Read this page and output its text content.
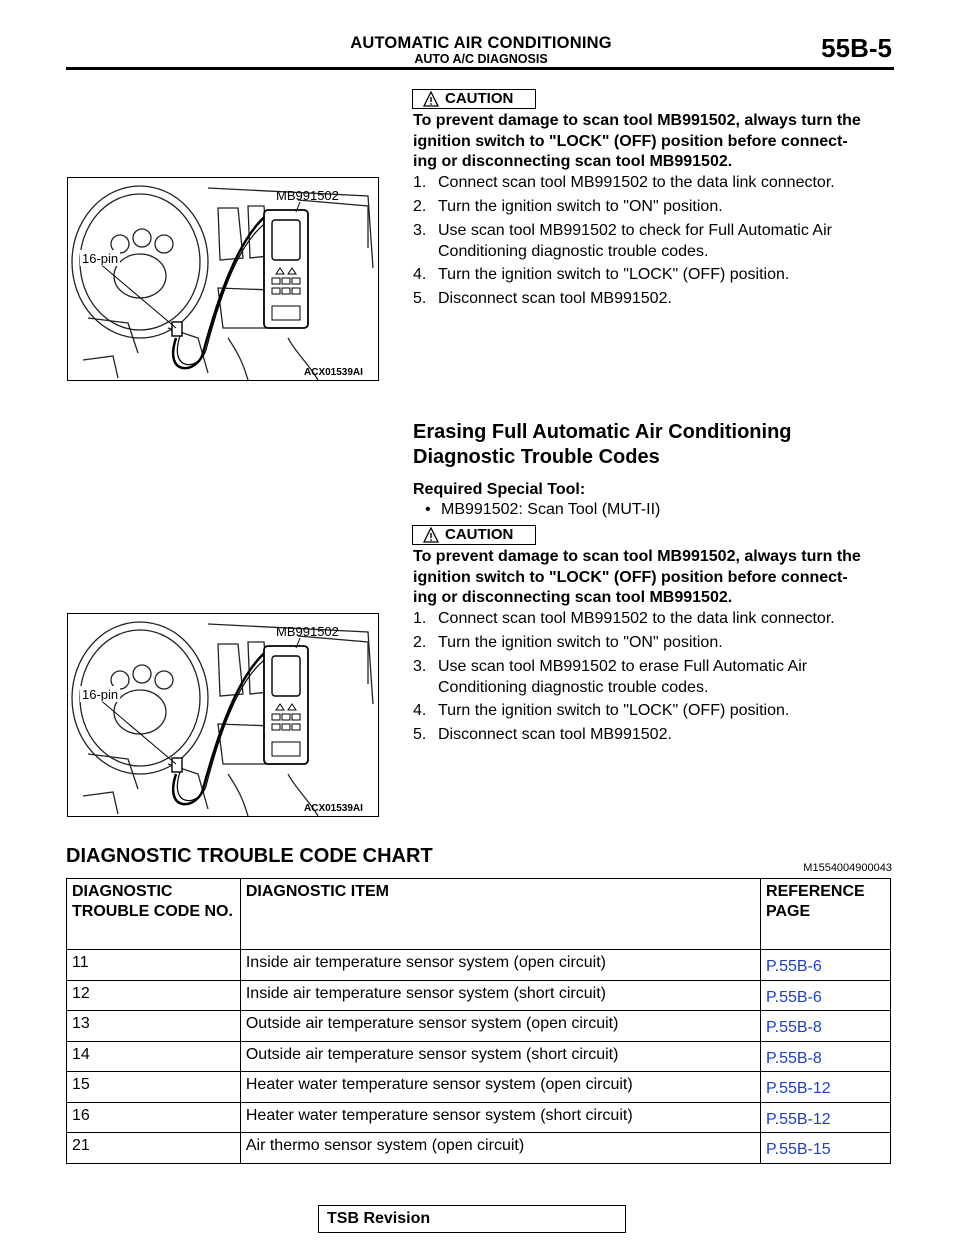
AUTOMATIC AIR CONDITIONING
AUTO A/C DIAGNOSIS	55B-5
CAUTION
To prevent damage to scan tool MB991502, always turn the
ignition switch to "LOCK" (OFF) position before connect-
ing or disconnecting scan tool MB991502.
1. Connect scan tool MB991502 to the data link connector.
2. Turn the ignition switch to "ON" position.
3. Use scan tool MB991502 to check for Full Automatic Air Conditioning diagnostic trouble codes.
4. Turn the ignition switch to "LOCK" (OFF) position.
5. Disconnect scan tool MB991502.
MB991502
16-pin
ACX01539AI
Erasing Full Automatic Air Conditioning
Diagnostic Trouble Codes
Required Special Tool:
• MB991502: Scan Tool (MUT-II)
CAUTION
To prevent damage to scan tool MB991502, always turn the
ignition switch to "LOCK" (OFF) position before connect-
ing or disconnecting scan tool MB991502.
1. Connect scan tool MB991502 to the data link connector.
2. Turn the ignition switch to "ON" position.
3. Use scan tool MB991502 to erase Full Automatic Air Conditioning diagnostic trouble codes.
4. Turn the ignition switch to "LOCK" (OFF) position.
5. Disconnect scan tool MB991502.
MB991502
16-pin
ACX01539AI
DIAGNOSTIC TROUBLE CODE CHART
M1554004900043
DIAGNOSTIC TROUBLE CODE NO.	DIAGNOSTIC ITEM	REFERENCE PAGE
11	Inside air temperature sensor system (open circuit)	P.55B-6
12	Inside air temperature sensor system (short circuit)	P.55B-6
13	Outside air temperature sensor system (open circuit)	P.55B-8
14	Outside air temperature sensor system (short circuit)	P.55B-8
15	Heater water temperature sensor system (open circuit)	P.55B-12
16	Heater water temperature sensor system (short circuit)	P.55B-12
21	Air thermo sensor system (open circuit)	P.55B-15
TSB Revision
